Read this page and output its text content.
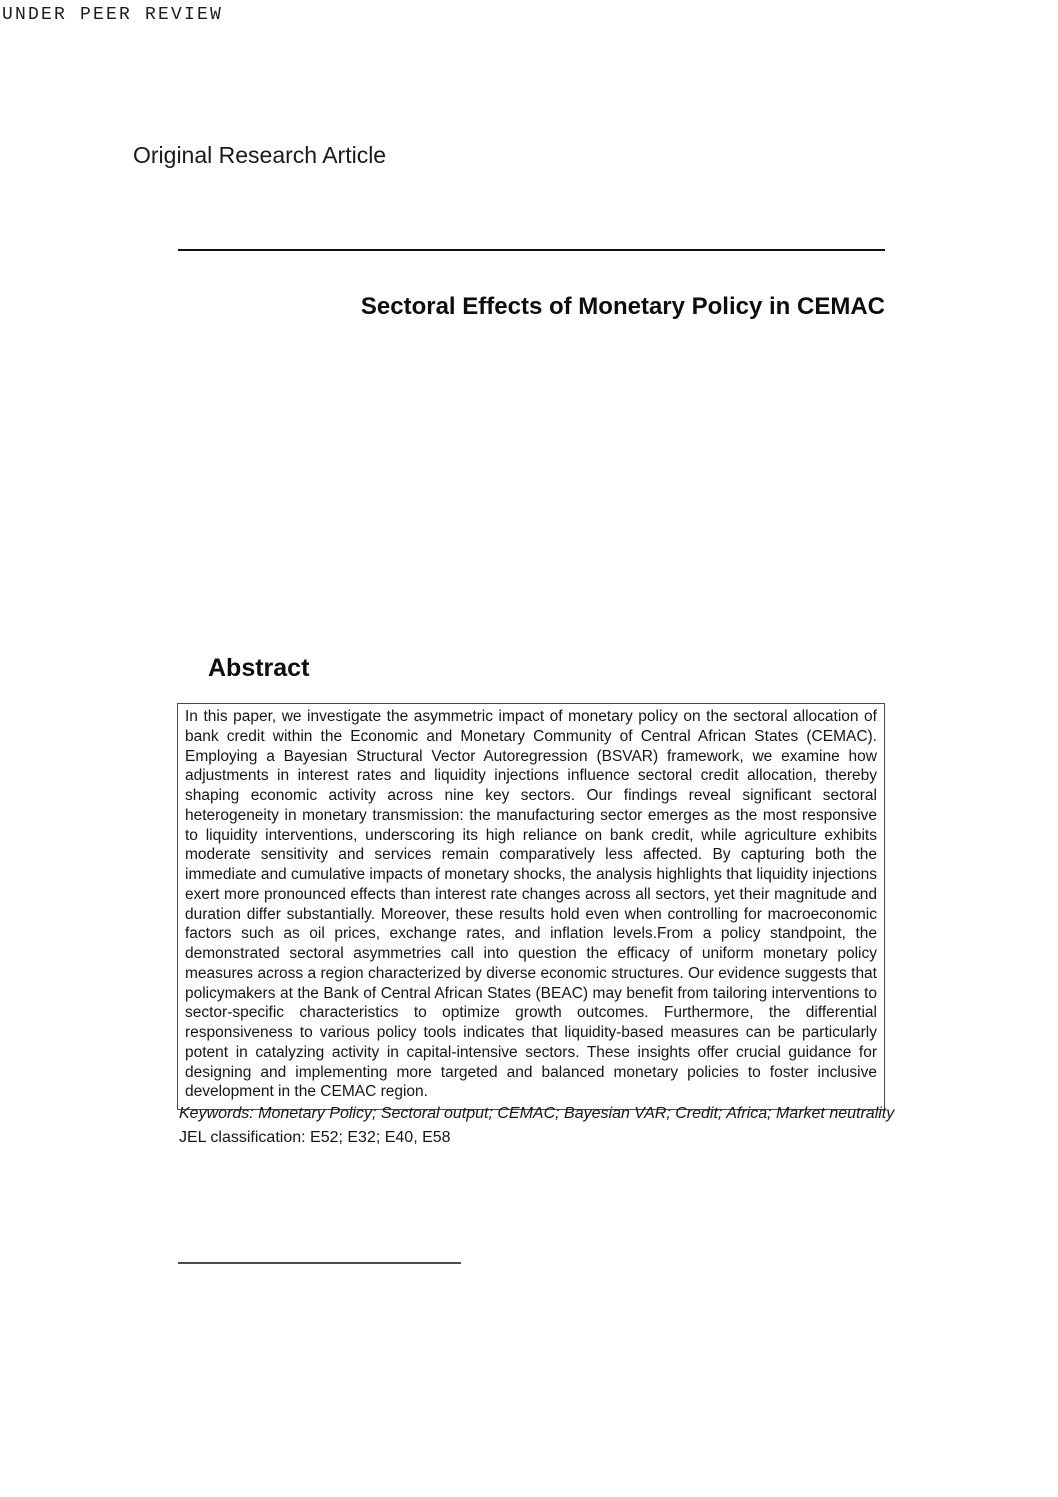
UNDER PEER REVIEW
Original Research Article
Sectoral Effects of Monetary Policy in CEMAC
Abstract

In this paper, we investigate the asymmetric impact of monetary policy on the sectoral allocation of bank credit within the Economic and Monetary Community of Central African States (CEMAC). Employing a Bayesian Structural Vector Autoregression (BSVAR) framework, we examine how adjustments in interest rates and liquidity injections influence sectoral credit allocation, thereby shaping economic activity across nine key sectors. Our findings reveal significant sectoral heterogeneity in monetary transmission: the manufacturing sector emerges as the most responsive to liquidity interventions, underscoring its high reliance on bank credit, while agriculture exhibits moderate sensitivity and services remain comparatively less affected. By capturing both the immediate and cumulative impacts of monetary shocks, the analysis highlights that liquidity injections exert more pronounced effects than interest rate changes across all sectors, yet their magnitude and duration differ substantially. Moreover, these results hold even when controlling for macroeconomic factors such as oil prices, exchange rates, and inflation levels.From a policy standpoint, the demonstrated sectoral asymmetries call into question the efficacy of uniform monetary policy measures across a region characterized by diverse economic structures. Our evidence suggests that policymakers at the Bank of Central African States (BEAC) may benefit from tailoring interventions to sector-specific characteristics to optimize growth outcomes. Furthermore, the differential responsiveness to various policy tools indicates that liquidity-based measures can be particularly potent in catalyzing activity in capital-intensive sectors. These insights offer crucial guidance for designing and implementing more targeted and balanced monetary policies to foster inclusive development in the CEMAC region.

Keywords: Monetary Policy; Sectoral output; CEMAC; Bayesian VAR; Credit; Africa; Market neutrality
JEL classification: E52; E32; E40, E58
